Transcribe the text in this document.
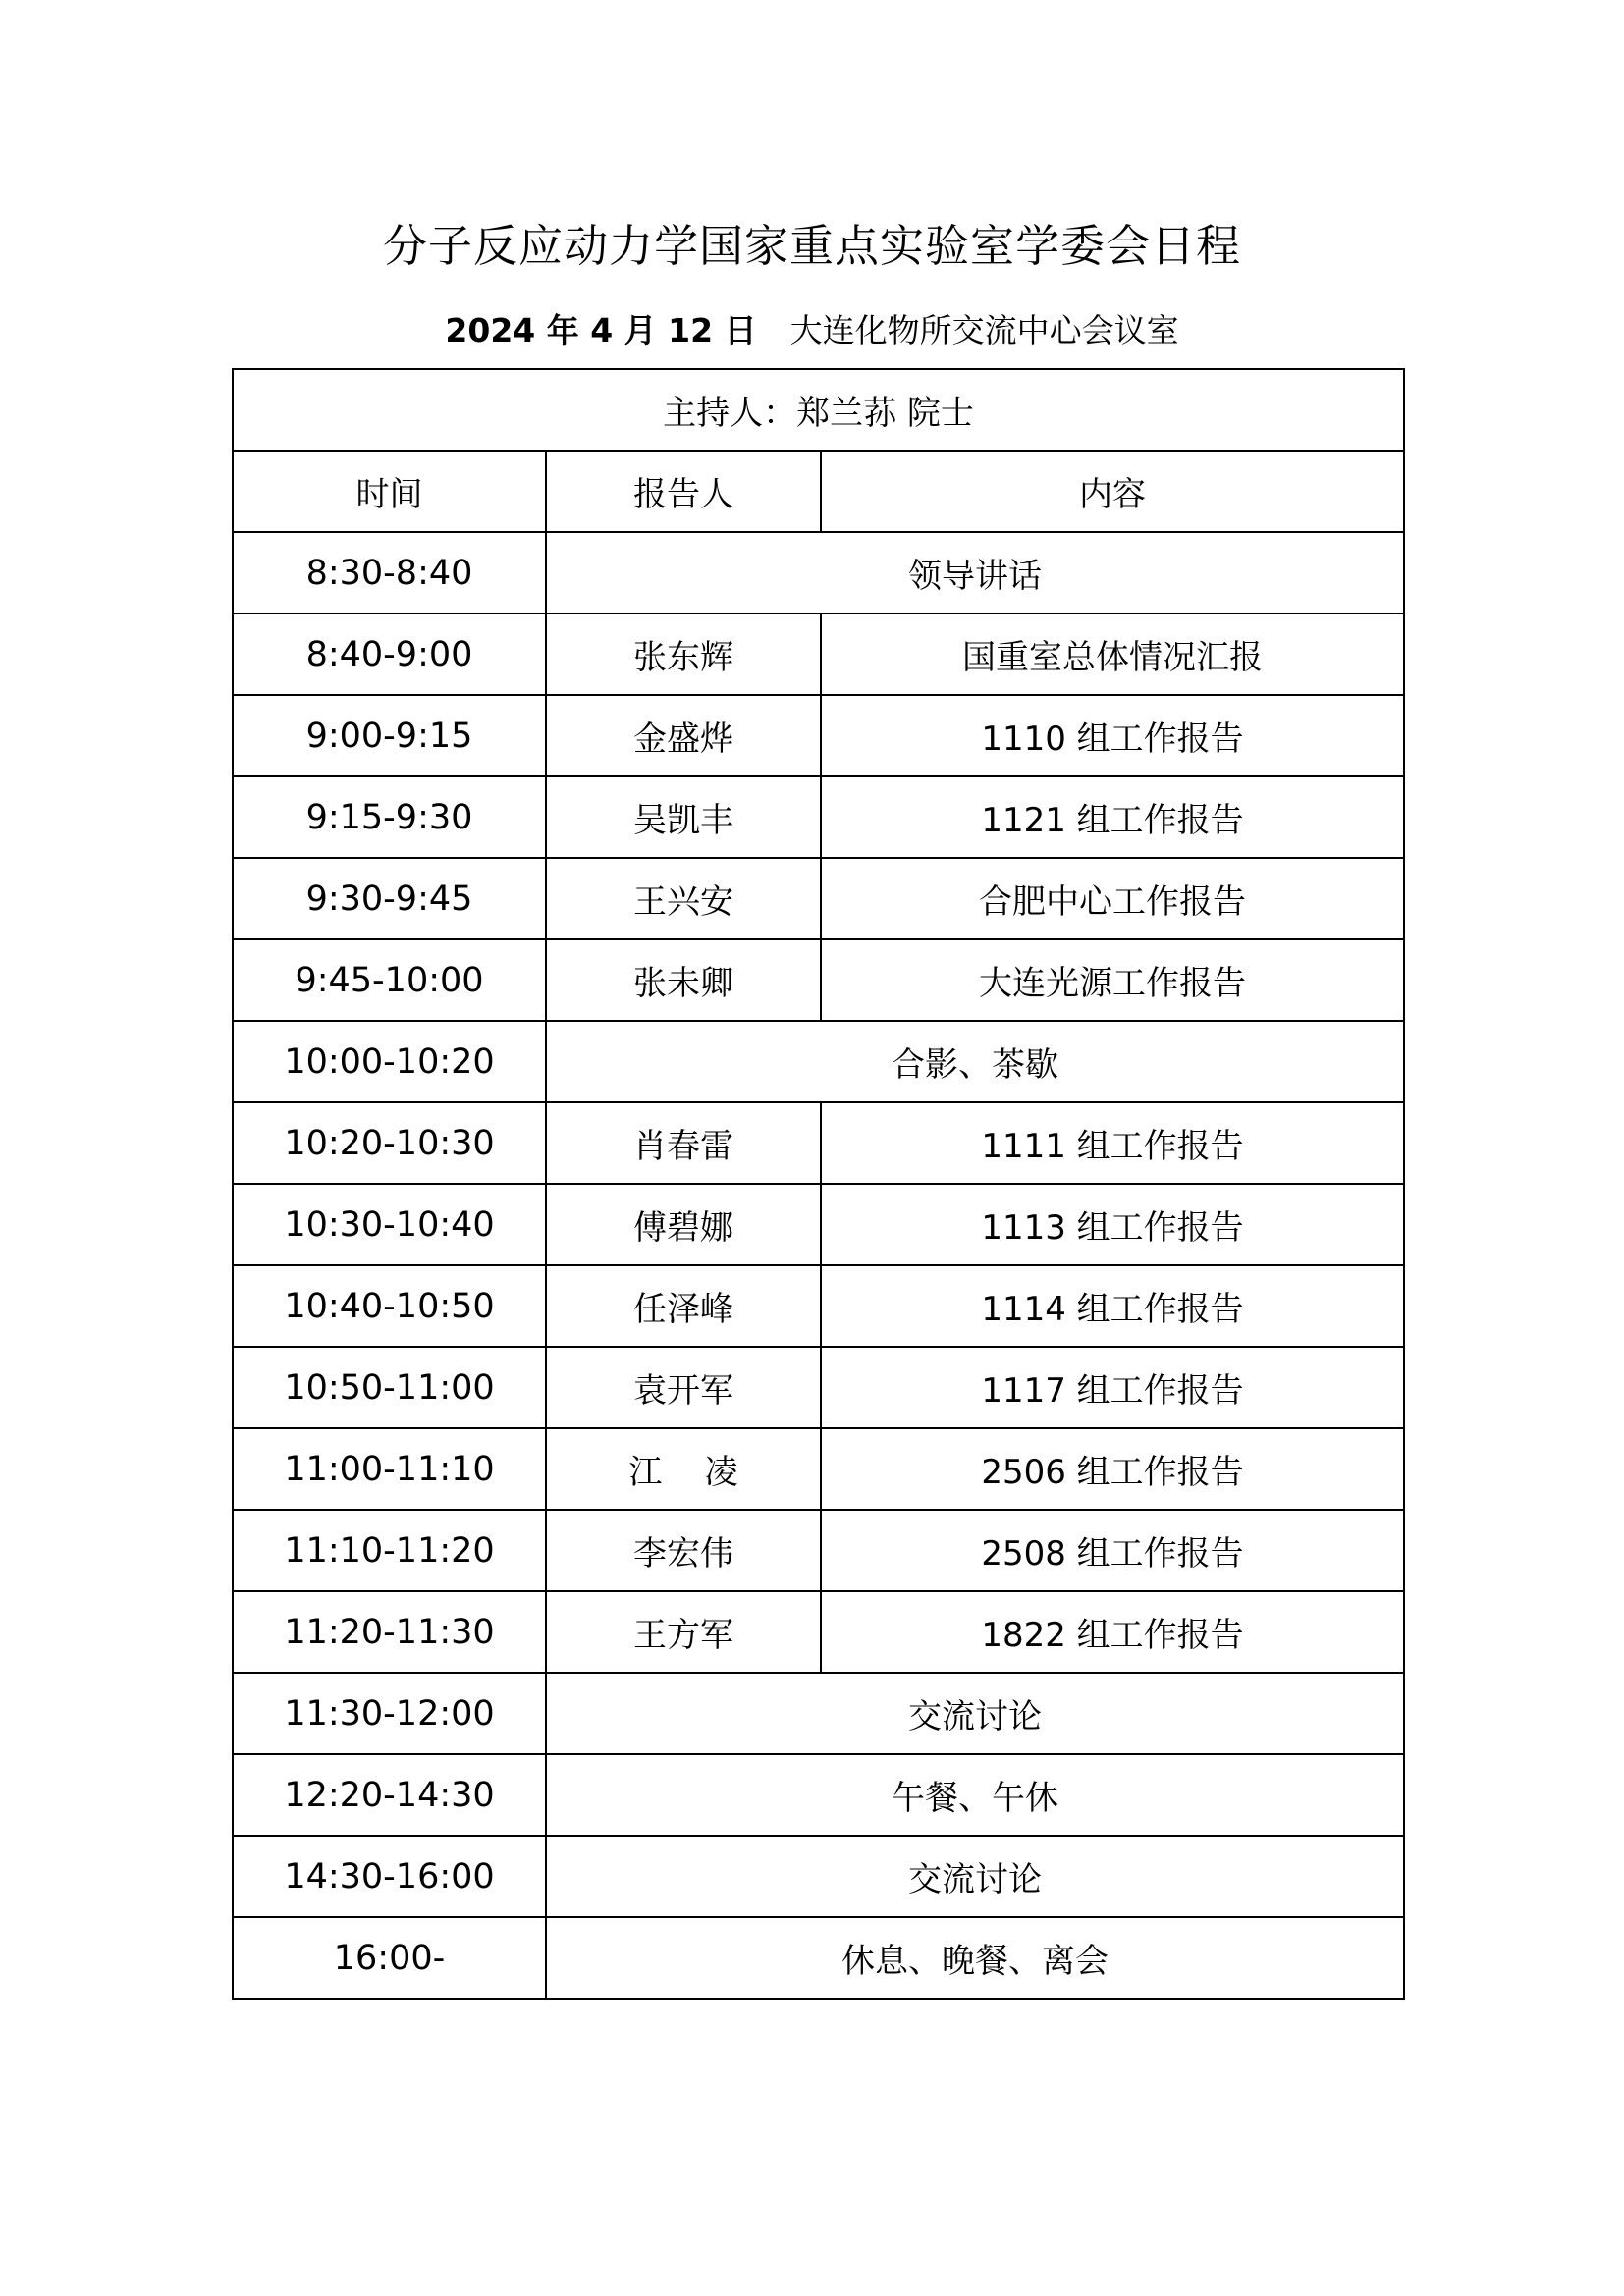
分子反应动力学国家重点实验室学委会日程
2024 年 4 月 12 日 大连化物所交流中心会议室
主持人：郑兰荪 院士		
时间	报告人	内容
8:30-8:40	领导讲话	
8:40-9:00	张东辉	国重室总体情况汇报
9:00-9:15	金盛烨	1110 组工作报告
9:15-9:30	吴凯丰	1121 组工作报告
9:30-9:45	王兴安	合肥中心工作报告
9:45-10:00	张未卿	大连光源工作报告
10:00-10:20	合影、茶歇	
10:20-10:30	肖春雷	1111 组工作报告
10:30-10:40	傅碧娜	1113 组工作报告
10:40-10:50	任泽峰	1114 组工作报告
10:50-11:00	袁开军	1117 组工作报告
11:00-11:10	江    凌	2506 组工作报告
11:10-11:20	李宏伟	2508 组工作报告
11:20-11:30	王方军	1822 组工作报告
11:30-12:00	交流讨论	
12:20-14:30	午餐、午休	
14:30-16:00	交流讨论	
16:00-	休息、晚餐、离会	
